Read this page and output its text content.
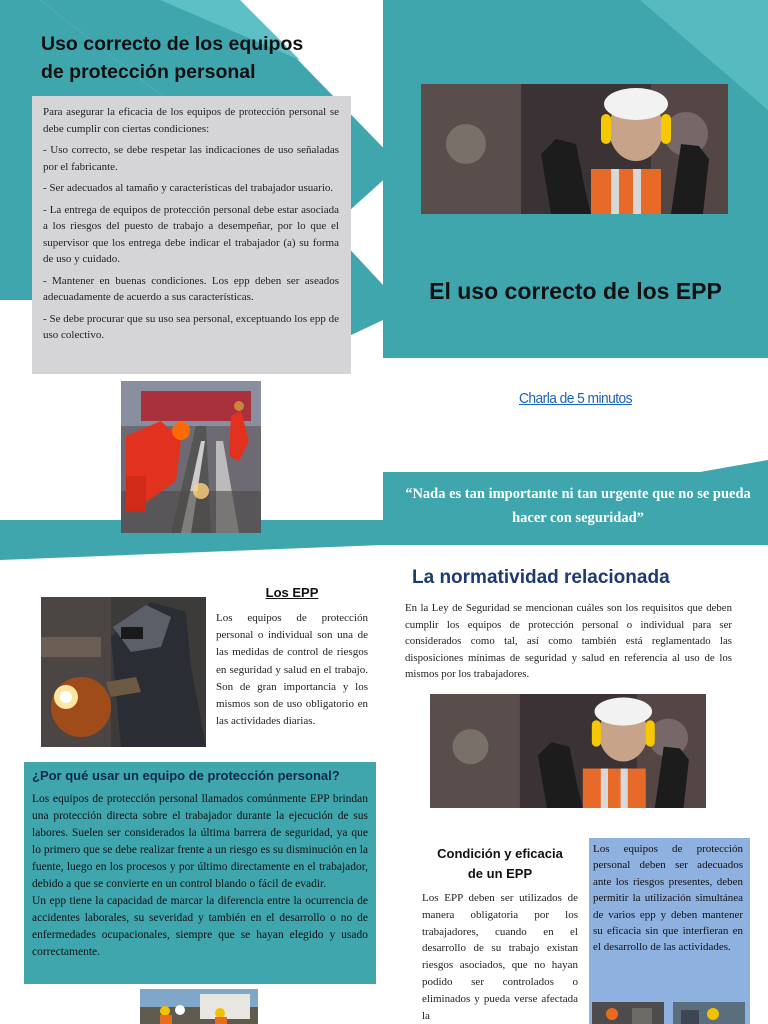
Uso correcto de los equipos
de protección personal
Para asegurar la eficacia de los equipos de protección personal se debe cumplir con ciertas condiciones:
- Uso correcto, se debe respetar las indicaciones de uso señaladas por el fabricante.
- Ser adecuados al tamaño y características del trabajador usuario.
- La entrega de equipos de protección personal debe estar asociada a los riesgos del puesto de trabajo a desempeñar, por lo que el supervisor que los entrega debe indicar el trabajador (a) su forma de uso y cuidado.
- Mantener en buenas condiciones. Los epp deben ser aseados adecuadamente de acuerdo a sus características.
- Se debe procurar que su uso sea personal, exceptuando los epp de uso colectivo.
El uso correcto de los EPP
Charla de 5 minutos
“Nada es tan importante ni tan urgente que no se pueda hacer con seguridad”
Los EPP
Los equipos de protección personal o individual son una de las medidas de control de riesgos en seguridad y salud en el trabajo. Son de gran importancia y los mismos son de uso obligatorio en las actividades diarias.
¿Por qué usar un equipo de protección personal?
Los equipos de protección personal llamados comúnmente EPP brindan una protección directa sobre el trabajador durante la ejecución de sus labores. Suelen ser considerados la última barrera de seguridad, ya que lo primero que se debe realizar frente a un riesgo es su disminución en la fuente, luego en los procesos y por último directamente en el trabajador, debido a que se convierte en un control blando o fácil de evadir.
Un epp tiene la capacidad de marcar la diferencia entre la ocurrencia de accidentes laborales, su severidad y también en el desarrollo o no de enfermedades ocupacionales, siempre que se hayan elegido y usado correctamente.
La normatividad relacionada
En la Ley de Seguridad se mencionan cuáles son los requisitos que deben cumplir los equipos de protección personal o individual para ser considerados como tal, así como también está reglamentado las disposiciones mínimas de seguridad y salud en referencia al uso de los mismos por los trabajadores.
Condición y eficacia
de un EPP
Los EPP deben ser utilizados de manera obligatoria por los trabajadores, cuando en el desarrollo de su trabajo existan riesgos asociados, que no hayan podido ser controlados o eliminados y pueda verse afectada la
Los equipos de protección personal deben ser adecuados ante los riesgos presentes, deben permitir la utilización simultánea de varios epp y deben mantener su eficacia sin que interfieran en el desarrollo de las actividades.
